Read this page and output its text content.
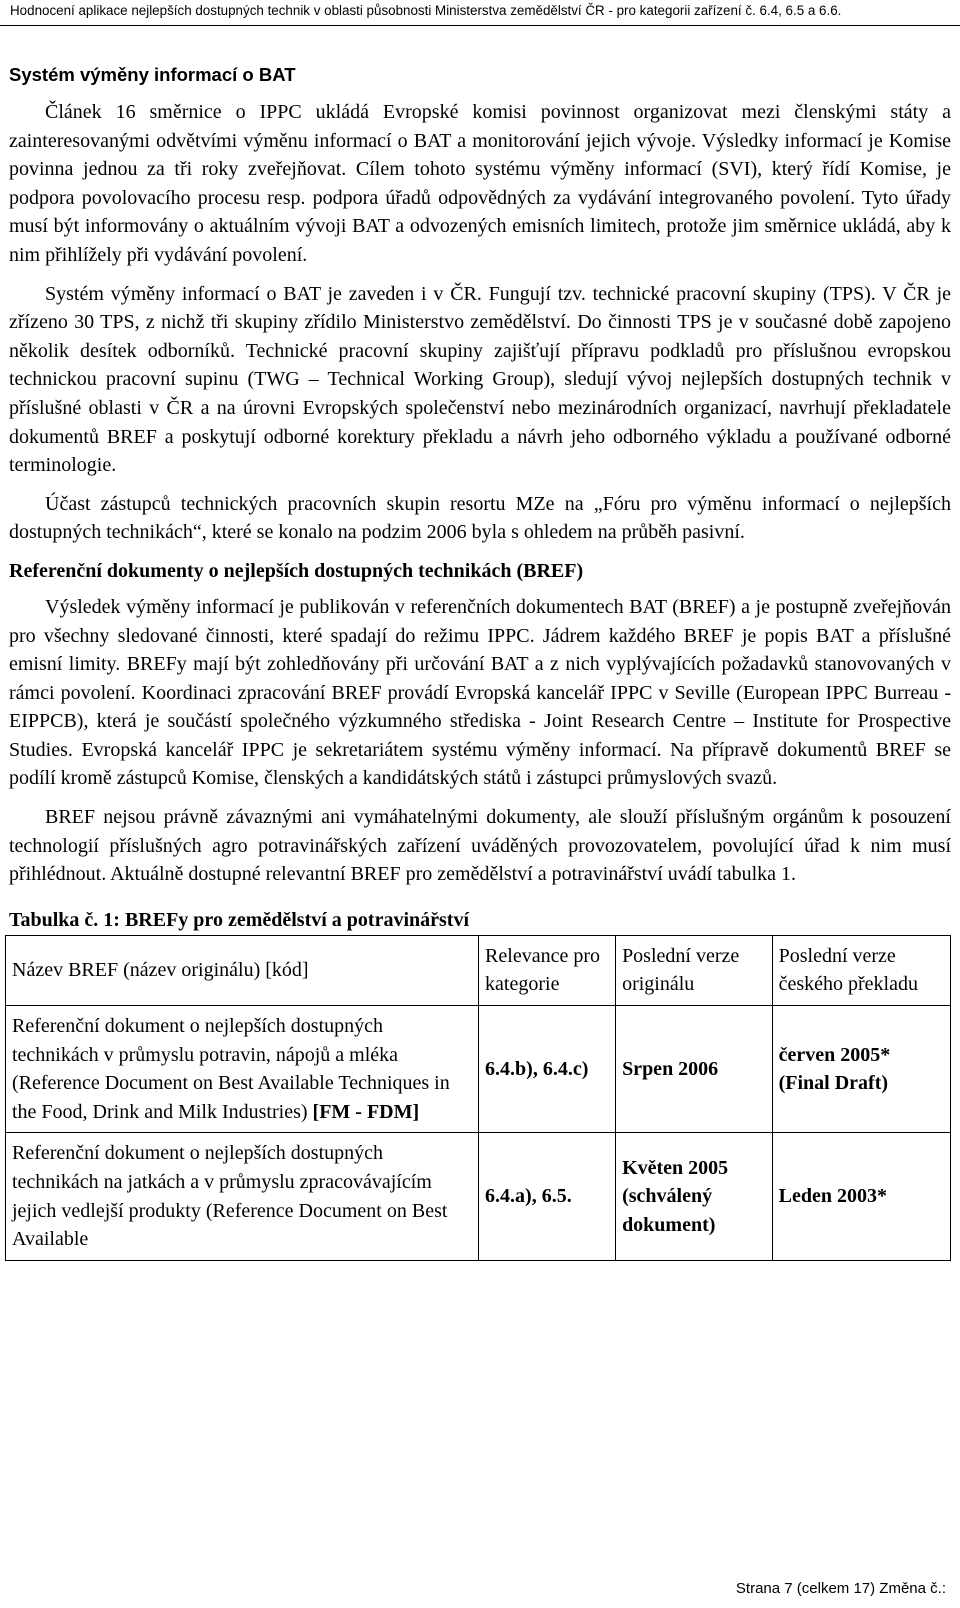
Hodnocení aplikace nejlepších dostupných technik v oblasti působnosti Ministerstva zemědělství ČR - pro kategorii zařízení č. 6.4, 6.5 a 6.6.
Systém výměny informací o BAT

Článek 16 směrnice o IPPC ukládá Evropské komisi povinnost organizovat mezi členskými státy a zainteresovanými odvětvími výměnu informací o BAT a monitorování jejich vývoje. Výsledky informací je Komise povinna jednou za tři roky zveřejňovat. Cílem tohoto systému výměny informací (SVI), který řídí Komise, je podpora povolovacího procesu resp. podpora úřadů odpovědných za vydávání integrovaného povolení. Tyto úřady musí být informovány o aktuálním vývoji BAT a odvozených emisních limitech, protože jim směrnice ukládá, aby k nim přihlížely při vydávání povolení.

Systém výměny informací o BAT je zaveden i v ČR. Fungují tzv. technické pracovní skupiny (TPS). V ČR je zřízeno 30 TPS, z nichž tři skupiny zřídilo Ministerstvo zemědělství. Do činnosti TPS je v současné době zapojeno několik desítek odborníků. Technické pracovní skupiny zajišťují přípravu podkladů pro příslušnou evropskou technickou pracovní supinu (TWG – Technical Working Group), sledují vývoj nejlepších dostupných technik v příslušné oblasti v ČR a na úrovni Evropských společenství nebo mezinárodních organizací, navrhují překladatele dokumentů BREF a poskytují odborné korektury překladu a návrh jeho odborného výkladu a používané odborné terminologie.

Účast zástupců technických pracovních skupin resortu MZe na „Fóru pro výměnu informací o nejlepších dostupných technikách“, které se konalo na podzim 2006 byla s ohledem na průběh pasivní.

Referenční dokumenty o nejlepších dostupných technikách (BREF)

Výsledek výměny informací je publikován v referenčních dokumentech BAT (BREF) a je postupně zveřejňován pro všechny sledované činnosti, které spadají do režimu IPPC. Jádrem každého BREF je popis BAT a příslušné emisní limity. BREFy mají být zohledňovány při určování BAT a z nich vyplývajících požadavků stanovovaných v rámci povolení. Koordinaci zpracování BREF provádí Evropská kancelář IPPC v Seville (European IPPC Burreau - EIPPCB), která je součástí společného výzkumného střediska - Joint Research Centre – Institute for Prospective Studies. Evropská kancelář IPPC je sekretariátem systému výměny informací. Na přípravě dokumentů BREF se podílí kromě zástupců Komise, členských a kandidátských států i zástupci průmyslových svazů.

BREF nejsou právně závaznými ani vymáhatelnými dokumenty, ale slouží příslušným orgánům k posouzení technologií příslušných agro potravinářských zařízení uváděných provozovatelem, povolující úřad k nim musí přihlédnout. Aktuálně dostupné relevantní BREF pro zemědělství a potravinářství uvádí tabulka 1.

Tabulka č. 1: BREFy pro zemědělství a potravinářství
Název BREF (název originálu) [kód]	Relevance pro kategorie	Poslední verze originálu	Poslední verze českého překladu
Referenční dokument o nejlepších dostupných technikách v průmyslu potravin, nápojů a mléka (Reference Document on Best Available Techniques in the Food, Drink and Milk Industries) [FM - FDM]	6.4.b), 6.4.c)	Srpen 2006	červen 2005* (Final Draft)
Referenční dokument o nejlepších dostupných technikách na jatkách a v průmyslu zpracovávajícím jejich vedlejší produkty (Reference Document on Best Available	6.4.a), 6.5.	Květen 2005 (schválený dokument)	Leden 2003*
Strana 7 (celkem 17) Změna č.:
